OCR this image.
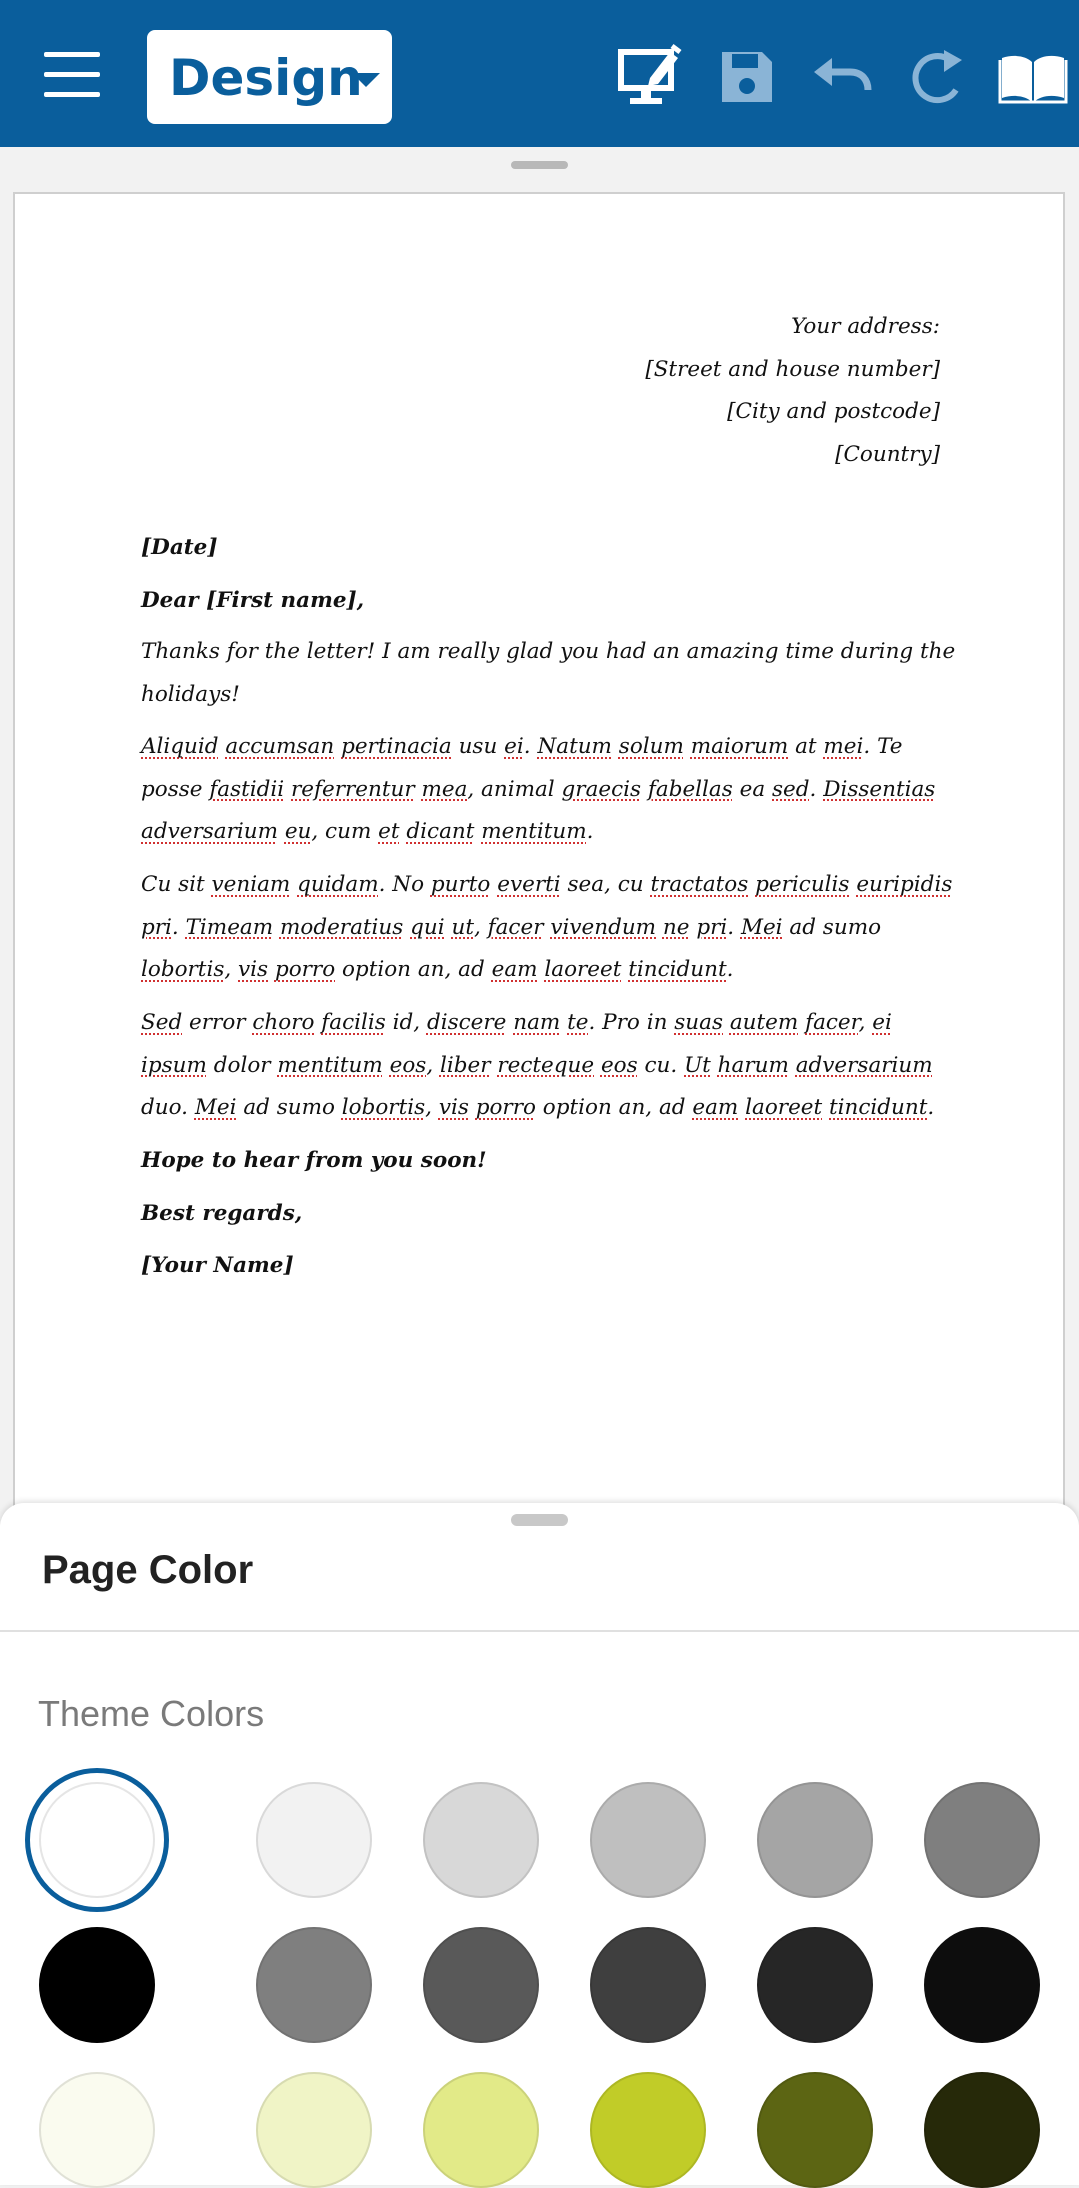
Design
Your address:
[Street and house number]
[City and postcode]
[Country]
[Date]
Dear [First name],
Thanks for the letter! I am really glad you had an amazing time during the holidays!
Aliquid accumsan pertinacia usu ei. Natum solum maiorum at mei. Te posse fastidii referrentur mea, animal graecis fabellas ea sed. Dissentias adversarium eu, cum et dicant mentitum.
Cu sit veniam quidam. No purto everti sea, cu tractatos periculis euripidis pri. Timeam moderatius qui ut, facer vivendum ne pri. Mei ad sumo lobortis, vis porro option an, ad eam laoreet tincidunt.
Sed error choro facilis id, discere nam te. Pro in suas autem facer, ei ipsum dolor mentitum eos, liber recteque eos cu. Ut harum adversarium duo. Mei ad sumo lobortis, vis porro option an, ad eam laoreet tincidunt.
Hope to hear from you soon!
Best regards,
[Your Name]
Page Color
Theme Colors
